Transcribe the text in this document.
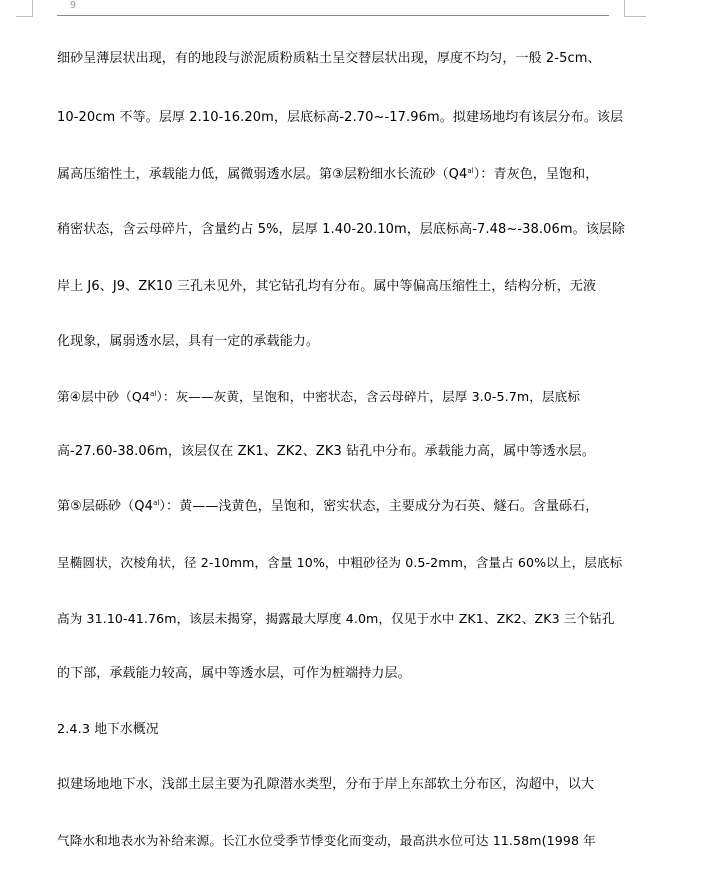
9
细砂呈薄层状出现，有的地段与淤泥质粉质粘土呈交替层状出现，厚度不均匀，一般 2-5cm、
10-20cm 不等。层厚 2.10-16.20m，层底标高-2.70~-17.96m。拟建场地均有该层分布。该层
属高压缩性土，承载能力低，属微弱透水层。第③层粉细水长流砂$(Q4^{al})$：青灰色，呈饱和，
稍密状态，含云母碎片，含量约占 5%，层厚 1.40-20.10m，层底标高-7.48~-38.06m。该层除
岸上 J6、J9、ZK10 三孔未见外，其它钻孔均有分布。属中等偏高压缩性土，结构分析，无液
化现象，属弱透水层，具有一定的承载能力。
第④层中砂$(Q4^{al})$：灰——灰黄，呈饱和，中密状态，含云母碎片，层厚 3.0-5.7m，层底标
高-27.60-38.06m，该层仅在 ZK1、ZK2、ZK3 钻孔中分布。承载能力高，属中等透水层。
第⑤层砾砂$(Q4^{al})$：黄——浅黄色，呈饱和，密实状态，主要成分为石英、燧石。含量砾石，
呈椭圆状，次棱角状，径 2-10mm，含量 10%，中粗砂径为 0.5-2mm，含量占 60%以上，层底标
高为 31.10-41.76m，该层未揭穿，揭露最大厚度 4.0m，仅见于水中 ZK1、ZK2、ZK3 三个钻孔
的下部，承载能力较高，属中等透水层，可作为桩端持力层。
2.4.3 地下水概况
拟建场地地下水，浅部土层主要为孔隙潜水类型，分布于岸上东部软土分布区，沟超中，以大
气降水和地表水为补给来源。长江水位受季节悸变化而变动，最高洪水位可达 11.58m(1998 年
